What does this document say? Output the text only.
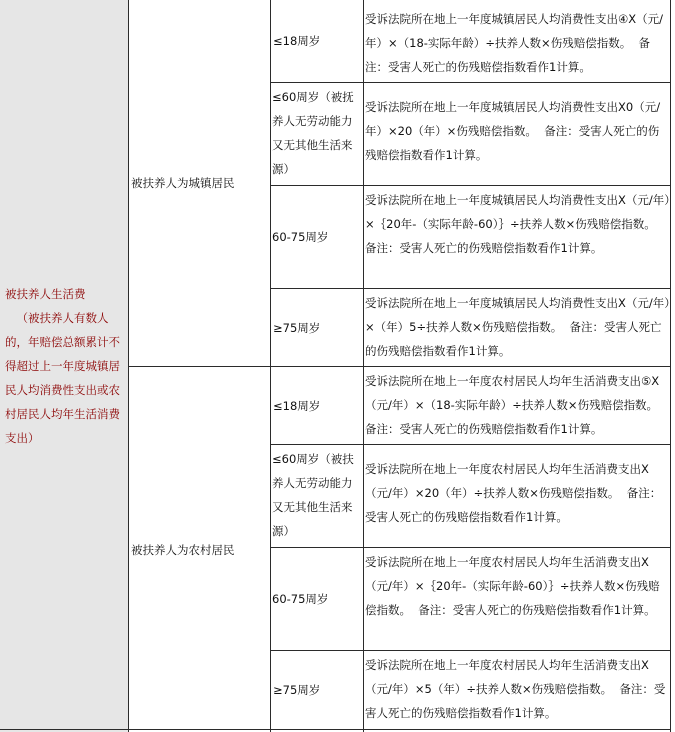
被扶养人生活费
（被扶养人有数人的，年赔偿总额累计不得超过上一年度城镇居民人均消费性支出或农村居民人均年生活消费支出）
被扶养人为城镇居民
被扶养人为农村居民
≤18周岁
受诉法院所在地上一年度城镇居民人均消费性支出④X（元/年）×（18-实际年龄）÷扶养人数×伤残赔偿指数。  备注：受害人死亡的伤残赔偿指数看作1计算。
≤60周岁（被抚养人无劳动能力又无其他生活来源）
受诉法院所在地上一年度城镇居民人均消费性支出X0（元/年）×20（年）×伤残赔偿指数。  备注：受害人死亡的伤残赔偿指数看作1计算。
60-75周岁
受诉法院所在地上一年度城镇居民人均消费性支出X（元/年）×｛20年-（实际年龄-60）｝÷扶养人数×伤残赔偿指数。  备注：受害人死亡的伤残赔偿指数看作1计算。
≥75周岁
受诉法院所在地上一年度城镇居民人均消费性支出X（元/年）×（年）5÷扶养人数×伤残赔偿指数。  备注：受害人死亡的伤残赔偿指数看作1计算。
≤18周岁
受诉法院所在地上一年度农村居民人均年生活消费支出⑤X（元/年）×（18-实际年龄）÷扶养人数×伤残赔偿指数。  备注：受害人死亡的伤残赔偿指数看作1计算。
≤60周岁（被扶养人无劳动能力又无其他生活来源）
受诉法院所在地上一年度农村居民人均年生活消费支出X（元/年）×20（年）÷扶养人数×伤残赔偿指数。  备注：受害人死亡的伤残赔偿指数看作1计算。
60-75周岁
受诉法院所在地上一年度农村居民人均年生活消费支出X（元/年）×｛20年-（实际年龄-60）｝÷扶养人数×伤残赔偿指数。  备注：受害人死亡的伤残赔偿指数看作1计算。
≥75周岁
受诉法院所在地上一年度农村居民人均年生活消费支出X（元/年）×5（年）÷扶养人数×伤残赔偿指数。  备注：受害人死亡的伤残赔偿指数看作1计算。
